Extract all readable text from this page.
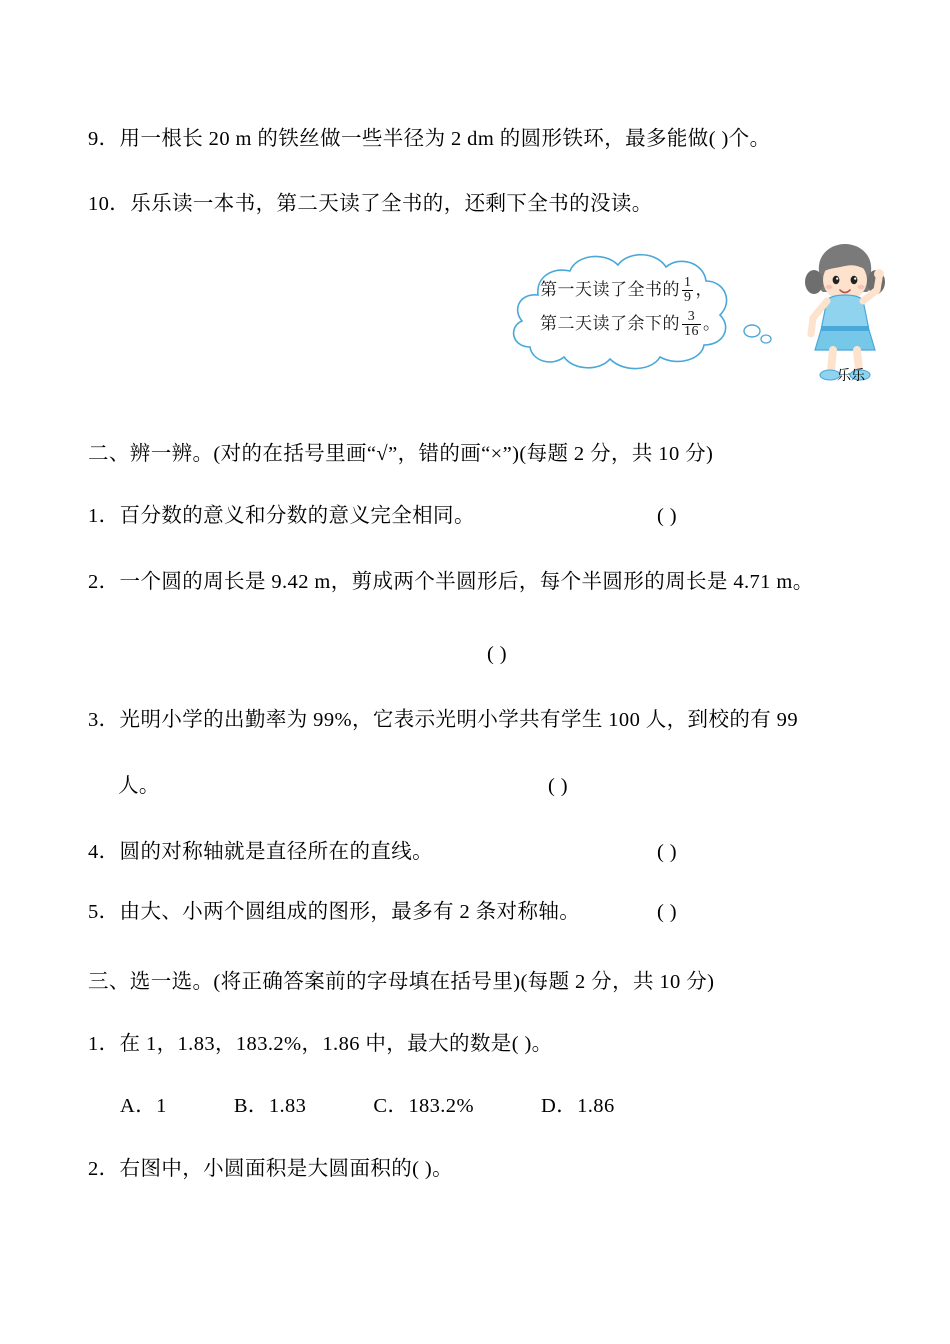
9．用一根长 20 m 的铁丝做一些半径为 2 dm 的圆形铁环，最多能做( )个。
10．乐乐读一本书，第二天读了全书的，还剩下全书的没读。
第一天读了全书的 $\frac{1}{9}$ ，
第二天读了余下的 $\frac{3}{16}$ 。
乐乐
二、辨一辨。(对的在括号里画“√”，错的画“×”)(每题 2 分，共 10 分)
1．百分数的意义和分数的意义完全相同。	( )
2．一个圆的周长是 9.42 m，剪成两个半圆形后，每个半圆形的周长是 4.71 m。
( )
3．光明小学的出勤率为 99%，它表示光明小学共有学生 100 人，到校的有 99
人。	( )
4．圆的对称轴就是直径所在的直线。	( )
5．由大、小两个圆组成的图形，最多有 2 条对称轴。	( )
三、选一选。(将正确答案前的字母填在括号里)(每题 2 分，共 10 分)
1．在 1，1.83，183.2%，1.86 中，最大的数是( )。
A．1	B．1.83	C．183.2%	D．1.86
2．右图中，小圆面积是大圆面积的( )。
